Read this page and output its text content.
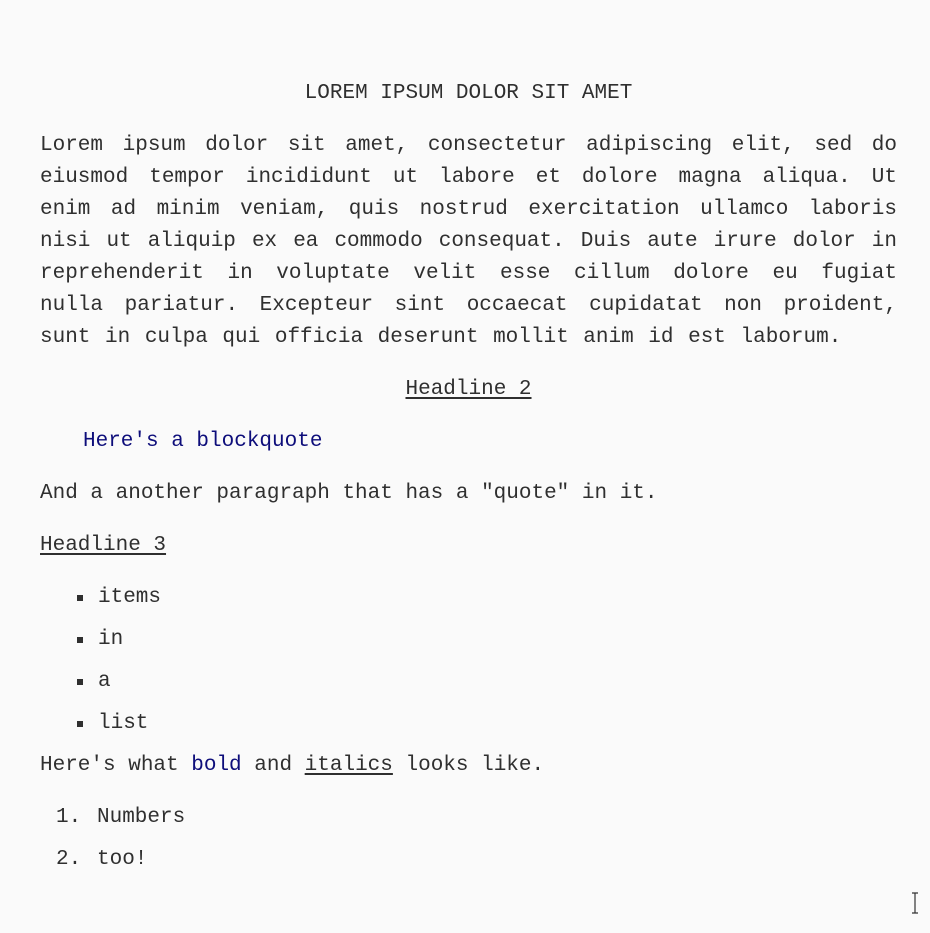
LOREM IPSUM DOLOR SIT AMET

Lorem ipsum dolor sit amet, consectetur adipiscing elit, sed do eiusmod tempor incididunt ut labore et dolore magna aliqua. Ut enim ad minim veniam, quis nostrud exercitation ullamco laboris nisi ut aliquip ex ea commodo consequat. Duis aute irure dolor in reprehenderit in voluptate velit esse cillum dolore eu fugiat nulla pariatur. Excepteur sint occaecat cupidatat non proident, sunt in culpa qui officia deserunt mollit anim id est laborum.

Headline 2
Here's a blockquote

And a another paragraph that has a "quote" in it.

Headline 3
items
in
a
list

Here's what bold and italics looks like.

1. Numbers
2. too!
